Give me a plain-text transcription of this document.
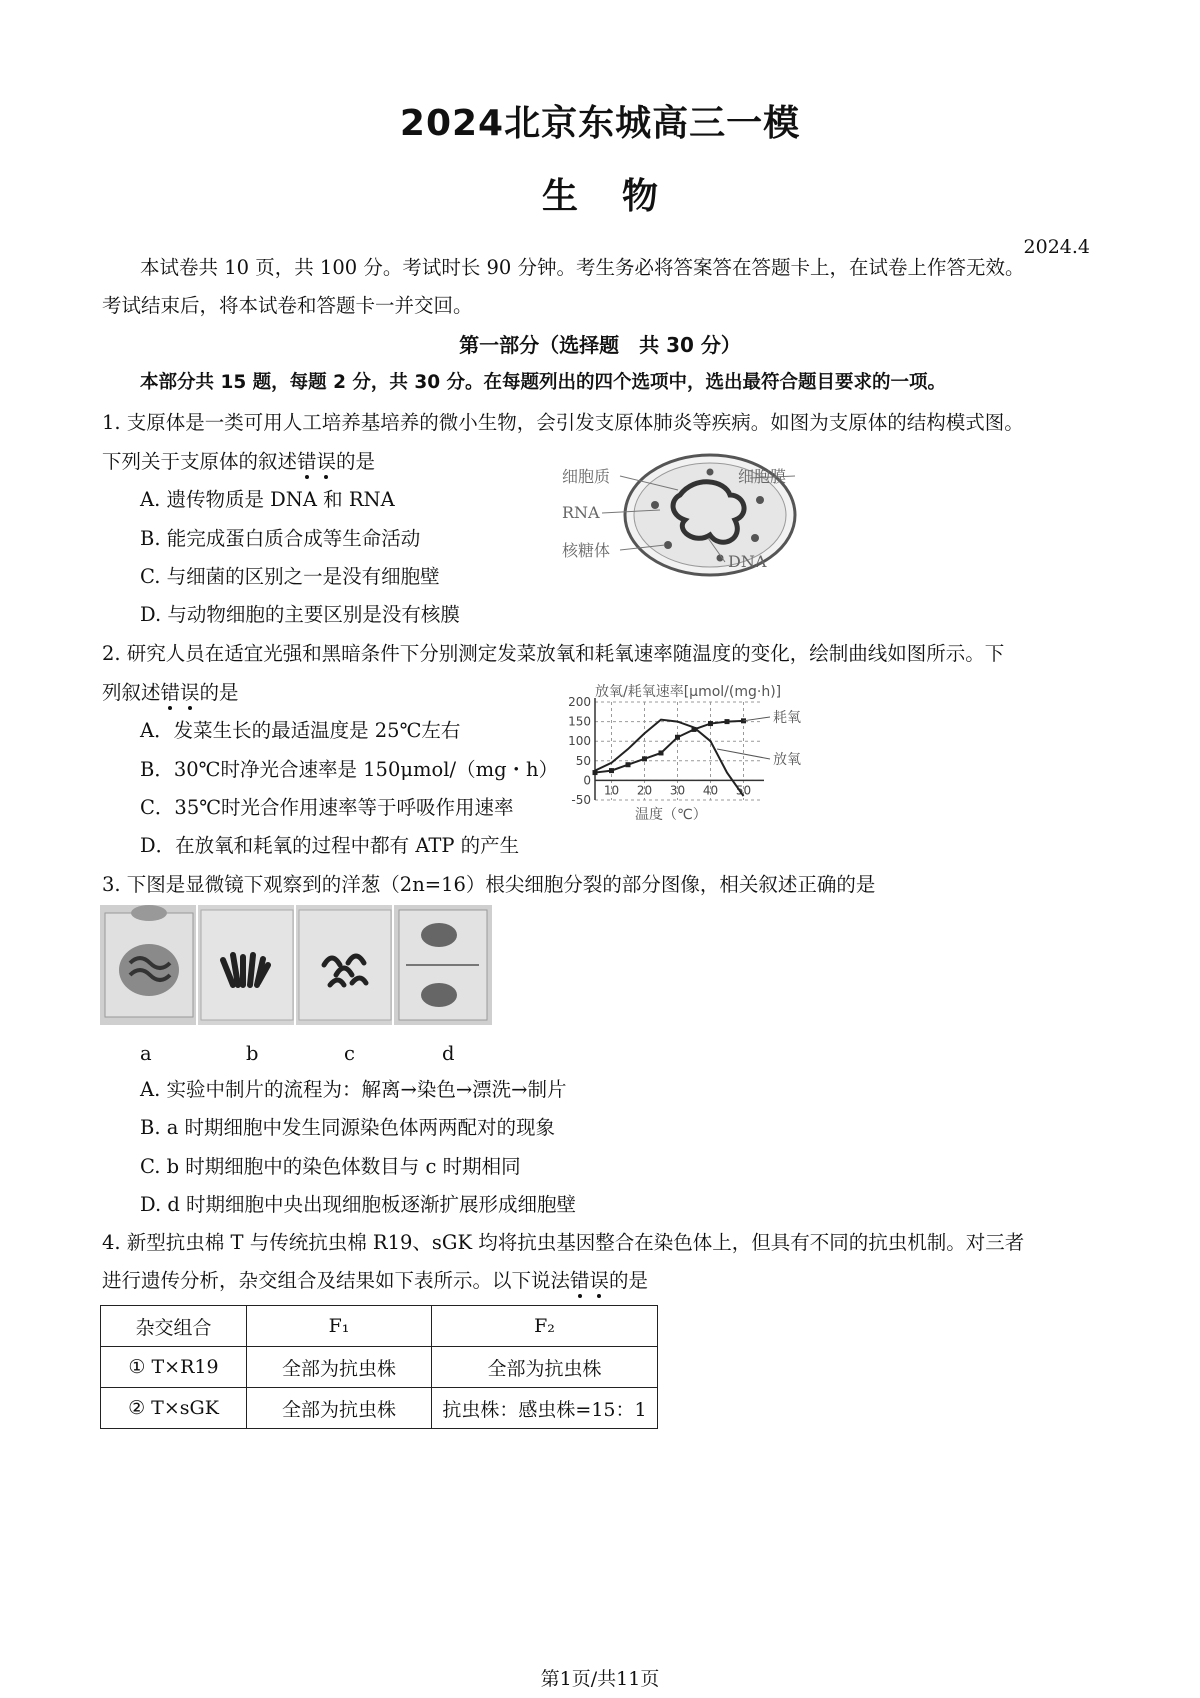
2024北京东城高三一模
生物
2024.4
本试卷共 10 页，共 100 分。考试时长 90 分钟。考生务必将答案答在答题卡上，在试卷上作答无效。
考试结束后，将本试卷和答题卡一并交回。
第一部分（选择题　共 30 分）
本部分共 15 题，每题 2 分，共 30 分。在每题列出的四个选项中，选出最符合题目要求的一项。
1. 支原体是一类可用人工培养基培养的微小生物，会引发支原体肺炎等疾病。如图为支原体的结构模式图。
下列关于支原体的叙述错误的是
A. 遗传物质是 DNA 和 RNA
B. 能完成蛋白质合成等生命活动
C. 与细菌的区别之一是没有细胞壁
D. 与动物细胞的主要区别是没有核膜
细胞质	细胞膜
RNA
核糖体
DNA
2. 研究人员在适宜光强和黑暗条件下分别测定发菜放氧和耗氧速率随温度的变化，绘制曲线如图所示。下
列叙述错误的是
A．发菜生长的最适温度是 25℃左右
B．30℃时净光合速率是 150μmol/（mg・h）
C．35℃时光合作用速率等于呼吸作用速率
D．在放氧和耗氧的过程中都有 ATP 的产生
放氧/耗氧速率[μmol/(mg·h)]
温度（℃）
耗氧
放氧
-50
0
50
100
150
200
10 20 30 40 50
3. 下图是显微镜下观察到的洋葱（2n=16）根尖细胞分裂的部分图像，相关叙述正确的是
a	b	c	d
A. 实验中制片的流程为：解离→染色→漂洗→制片
B. a 时期细胞中发生同源染色体两两配对的现象
C. b 时期细胞中的染色体数目与 c 时期相同
D. d 时期细胞中央出现细胞板逐渐扩展形成细胞壁
4. 新型抗虫棉 T 与传统抗虫棉 R19、sGK 均将抗虫基因整合在染色体上，但具有不同的抗虫机制。对三者
进行遗传分析，杂交组合及结果如下表所示。以下说法错误的是
杂交组合	F₁	F₂
① T×R19	全部为抗虫株	全部为抗虫株
② T×sGK	全部为抗虫株	抗虫株：感虫株=15：1
第1页/共11页
